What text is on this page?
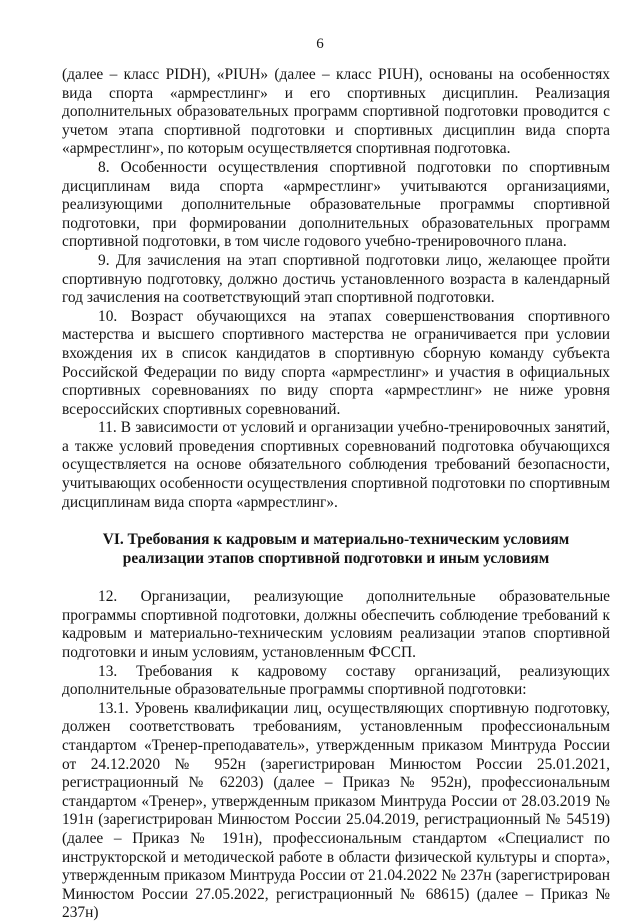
6

(далее – класс PIDH), «PIUH» (далее – класс PIUH), основаны на особенностях вида спорта «армрестлинг» и его спортивных дисциплин. Реализация дополнительных образовательных программ спортивной подготовки проводится с учетом этапа спортивной подготовки и спортивных дисциплин вида спорта «армрестлинг», по которым осуществляется спортивная подготовка.

8. Особенности осуществления спортивной подготовки по спортивным дисциплинам вида спорта «армрестлинг» учитываются организациями, реализующими дополнительные образовательные программы спортивной подготовки, при формировании дополнительных образовательных программ спортивной подготовки, в том числе годового учебно-тренировочного плана.

9. Для зачисления на этап спортивной подготовки лицо, желающее пройти спортивную подготовку, должно достичь установленного возраста в календарный год зачисления на соответствующий этап спортивной подготовки.

10. Возраст обучающихся на этапах совершенствования спортивного мастерства и высшего спортивного мастерства не ограничивается при условии вхождения их в список кандидатов в спортивную сборную команду субъекта Российской Федерации по виду спорта «армрестлинг» и участия в официальных спортивных соревнованиях по виду спорта «армрестлинг» не ниже уровня всероссийских спортивных соревнований.

11. В зависимости от условий и организации учебно-тренировочных занятий, а также условий проведения спортивных соревнований подготовка обучающихся осуществляется на основе обязательного соблюдения требований безопасности, учитывающих особенности осуществления спортивной подготовки по спортивным дисциплинам вида спорта «армрестлинг».

VI. Требования к кадровым и материально-техническим условиям
реализации этапов спортивной подготовки и иным условиям

12. Организации, реализующие дополнительные образовательные программы спортивной подготовки, должны обеспечить соблюдение требований к кадровым и материально-техническим условиям реализации этапов спортивной подготовки и иным условиям, установленным ФССП.

13. Требования к кадровому составу организаций, реализующих дополнительные образовательные программы спортивной подготовки:

13.1. Уровень квалификации лиц, осуществляющих спортивную подготовку, должен соответствовать требованиям, установленным профессиональным стандартом «Тренер-преподаватель», утвержденным приказом Минтруда России от 24.12.2020 № 952н (зарегистрирован Минюстом России 25.01.2021, регистрационный № 62203) (далее – Приказ № 952н), профессиональным стандартом «Тренер», утвержденным приказом Минтруда России от 28.03.2019 № 191н (зарегистрирован Минюстом России 25.04.2019, регистрационный № 54519) (далее – Приказ № 191н), профессиональным стандартом «Специалист по инструкторской и методической работе в области физической культуры и спорта», утвержденным приказом Минтруда России от 21.04.2022 № 237н (зарегистрирован Минюстом России 27.05.2022, регистрационный № 68615) (далее – Приказ № 237н)
